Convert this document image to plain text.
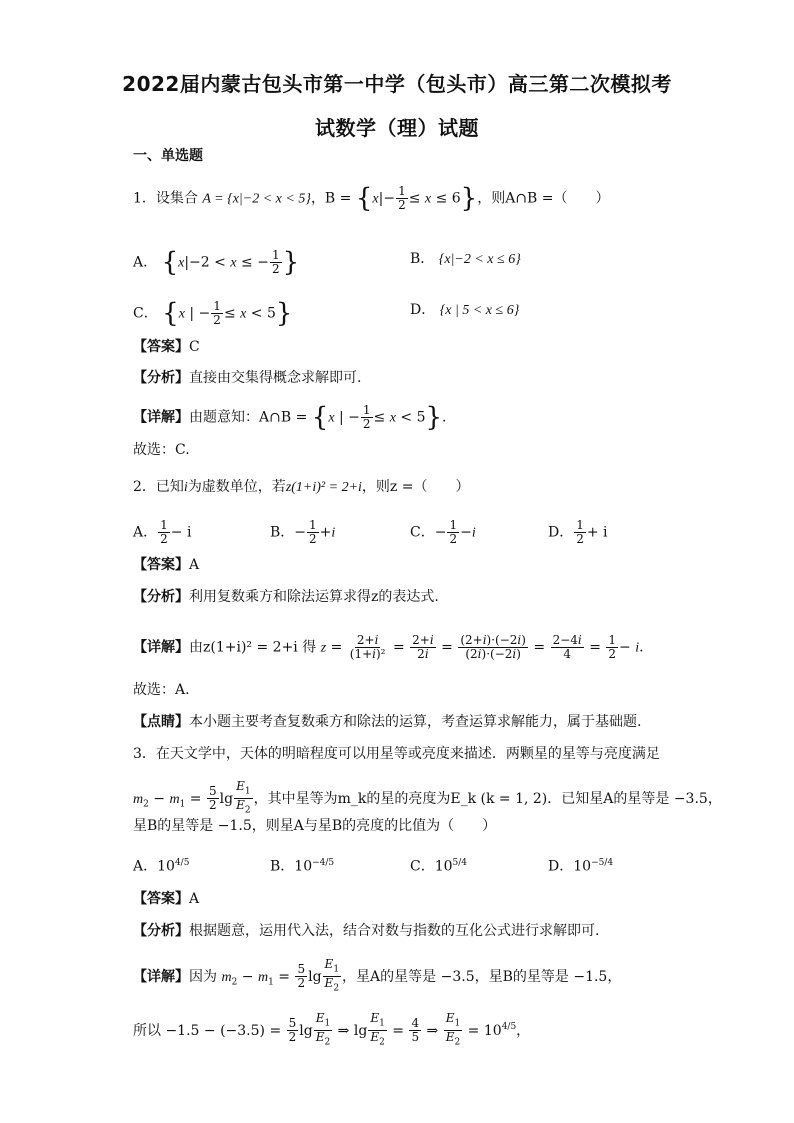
2022届内蒙古包头市第一中学（包头市）高三第二次模拟考
试数学（理）试题
一、单选题
1．设集合 A = {x|−2 < x < 5}，$B = \{x|- \frac{1}{2} \le x \le 6\}$，则A∩B =（　　）
A． {x|−2 < x ≤ − $\frac{1}{2}$ }	B． {x|−2 < x ≤ 6}
C． {x | − $\frac{1}{2} \le x < 5$}	D． {x | 5 < x ≤ 6}
【答案】C
【分析】直接由交集得概念求解即可.
【详解】由题意知：A∩B = {x | − $\frac{1}{2} \le x < 5$}.
故选：C.
2．已知i为虚数单位，若z(1+i)² = 2+i，则z =（　　）
A． $\frac{1}{2} - i$	B．− $\frac{1}{2} +i$	C．− $\frac{1}{2} -i$	D． $\frac{1}{2} + i$
【答案】A
【分析】利用复数乘方和除法运算求得z的表达式.
【详解】由z(1+i)² = 2+i 得 $z = \frac{2+i}{\text{(1+i)²}} = \frac{2+i}{2i} = \frac{(2+i)\cdot(-2i)}{(2i)\cdot(-2i)} = \frac{2-4i}{4} = \frac{1}{2} - i$.
故选：A.
【点睛】本小题主要考查复数乘方和除法的运算，考查运算求解能力，属于基础题.
3．在天文学中，天体的明暗程度可以用星等或亮度来描述．两颗星的星等与亮度满足
$m_2 - m_1 = \frac{5}{2}$ $\lg \frac{E_1}{E_2}$ ，其中星等为m_k的星的亮度为E_k (k = 1, 2)．已知星A的星等是 −3.5，
星B的星等是 −1.5，则星A与星B的亮度的比值为（　　）
A．$10^{4/5}$	B．$10^{-4/5}$	C．$10^{5/4}$	D．$10^{-5/4}$
【答案】A
【分析】根据题意，运用代入法，结合对数与指数的互化公式进行求解即可.
【详解】因为 $m_2 - m_1 = \frac{5}{2}$ $\lg \frac{E_1}{E_2}$ ，星A的星等是 −3.5，星B的星等是 −1.5，
所以 $-1.5 - (-3.5) = \frac{5}{2}$ $\lg \frac{E_1}{E_2}$ ⇒ $\lg \frac{E_1}{E_2} = \frac{4}{5}$ ⇒ $\frac{E_1}{E_2} = 10^{4/5}$，
